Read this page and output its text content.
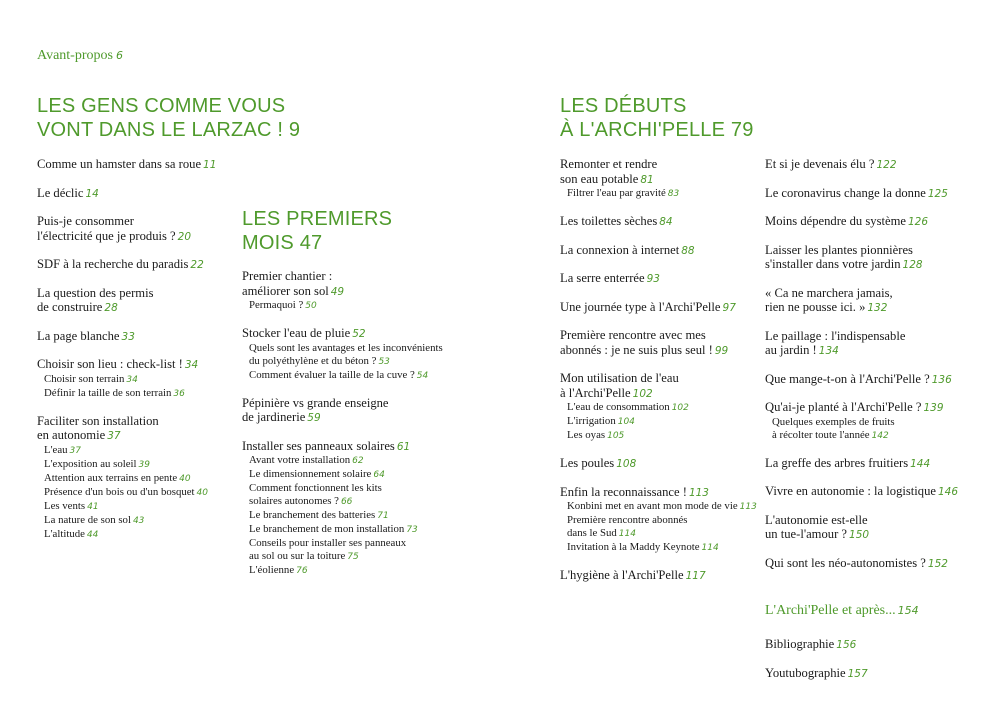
Avant-propos 6
LES GENS COMME VOUS
VONT DANS LE LARZAC ! 9
LES PREMIERS
MOIS 47
LES DÉBUTS
À L'ARCHI'PELLE 79
Comme un hamster dans sa roue 11
Le déclic 14
Puis-je consommer
l'électricité que je produis ? 20
SDF à la recherche du paradis 22
La question des permis
de construire 28
La page blanche 33
Choisir son lieu : check-list ! 34
Choisir son terrain 34
Définir la taille de son terrain 36
Faciliter son installation
en autonomie 37
L'eau 37
L'exposition au soleil 39
Attention aux terrains en pente 40
Présence d'un bois ou d'un bosquet 40
Les vents 41
La nature de son sol 43
L'altitude 44
Premier chantier :
améliorer son sol 49
Permaquoi ? 50
Stocker l'eau de pluie 52
Quels sont les avantages et les inconvénients
du polyéthylène et du béton ? 53
Comment évaluer la taille de la cuve ? 54
Pépinière vs grande enseigne
de jardinerie 59
Installer ses panneaux solaires 61
Avant votre installation 62
Le dimensionnement solaire 64
Comment fonctionnent les kits
solaires autonomes ? 66
Le branchement des batteries 71
Le branchement de mon installation 73
Conseils pour installer ses panneaux
au sol ou sur la toiture 75
L'éolienne 76
Remonter et rendre
son eau potable 81
Filtrer l'eau par gravité 83
Les toilettes sèches 84
La connexion à internet 88
La serre enterrée 93
Une journée type à l'Archi'Pelle 97
Première rencontre avec mes
abonnés : je ne suis plus seul ! 99
Mon utilisation de l'eau
à l'Archi'Pelle 102
L'eau de consommation 102
L'irrigation 104
Les oyas 105
Les poules 108
Enfin la reconnaissance ! 113
Konbini met en avant mon mode de vie 113
Première rencontre abonnés
dans le Sud 114
Invitation à la Maddy Keynote 114
L'hygiène à l'Archi'Pelle 117
Et si je devenais élu ? 122
Le coronavirus change la donne 125
Moins dépendre du système 126
Laisser les plantes pionnières
s'installer dans votre jardin 128
« Ca ne marchera jamais,
rien ne pousse ici. » 132
Le paillage : l'indispensable
au jardin ! 134
Que mange-t-on à l'Archi'Pelle ? 136
Qu'ai-je planté à l'Archi'Pelle ? 139
Quelques exemples de fruits
à récolter toute l'année 142
La greffe des arbres fruitiers 144
Vivre en autonomie : la logistique 146
L'autonomie est-elle
un tue-l'amour ? 150
Qui sont les néo-autonomistes ? 152
L'Archi'Pelle et après... 154
Bibliographie 156
Youtubographie 157
